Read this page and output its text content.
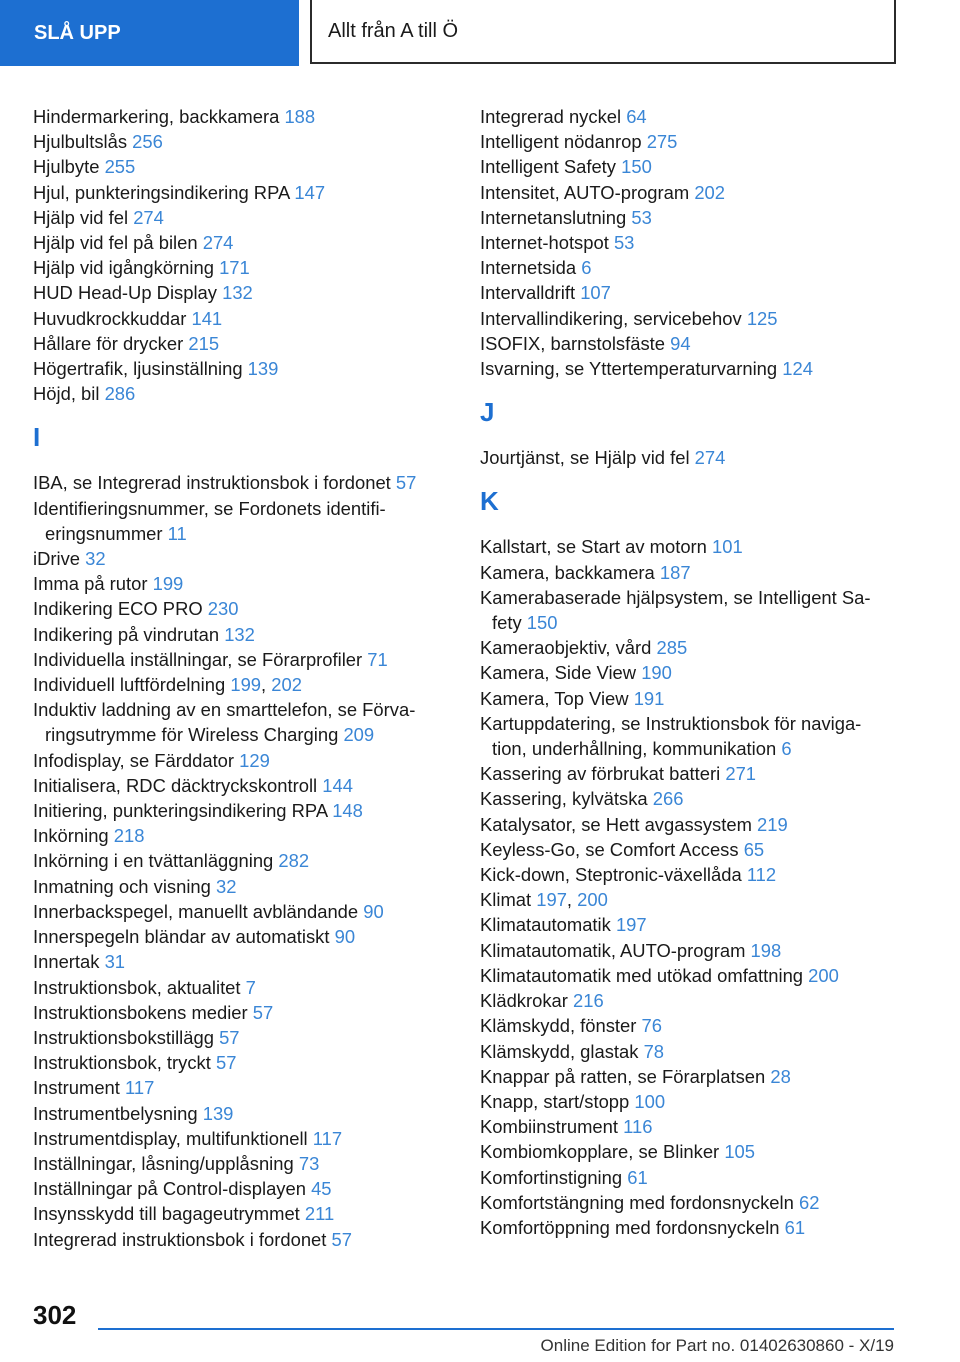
SLÅ UPP	Allt från A till Ö
Hindermarkering, backkamera 188
Hjulbultslås 256
Hjulbyte 255
Hjul, punkteringsindikering RPA 147
Hjälp vid fel 274
Hjälp vid fel på bilen 274
Hjälp vid igångkörning 171
HUD Head-Up Display 132
Huvudkrockkuddar 141
Hållare för drycker 215
Högertrafik, ljusinställning 139
Höjd, bil 286
I
IBA, se Integrerad instruktionsbok i fordonet 57
Identifieringsnummer, se Fordonets identifi-
eringsnummer 11
iDrive 32
Imma på rutor 199
Indikering ECO PRO 230
Indikering på vindrutan 132
Individuella inställningar, se Förarprofiler 71
Individuell luftfördelning 199, 202
Induktiv laddning av en smarttelefon, se Förva-
ringsutrymme för Wireless Charging 209
Infodisplay, se Färddator 129
Initialisera, RDC däcktryckskontroll 144
Initiering, punkteringsindikering RPA 148
Inkörning 218
Inkörning i en tvättanläggning 282
Inmatning och visning 32
Innerbackspegel, manuellt avbländande 90
Innerspegeln bländar av automatiskt 90
Innertak 31
Instruktionsbok, aktualitet 7
Instruktionsbokens medier 57
Instruktionsbokstillägg 57
Instruktionsbok, tryckt 57
Instrument 117
Instrumentbelysning 139
Instrumentdisplay, multifunktionell 117
Inställningar, låsning/upplåsning 73
Inställningar på Control-displayen 45
Insynsskydd till bagageutrymmet 211
Integrerad instruktionsbok i fordonet 57
Integrerad nyckel 64
Intelligent nödanrop 275
Intelligent Safety 150
Intensitet, AUTO-program 202
Internetanslutning 53
Internet-hotspot 53
Internetsida 6
Intervalldrift 107
Intervallindikering, servicebehov 125
ISOFIX, barnstolsfäste 94
Isvarning, se Yttertemperaturvarning 124
J
Jourtjänst, se Hjälp vid fel 274
K
Kallstart, se Start av motorn 101
Kamera, backkamera 187
Kamerabaserade hjälpsystem, se Intelligent Sa-
fety 150
Kameraobjektiv, vård 285
Kamera, Side View 190
Kamera, Top View 191
Kartuppdatering, se Instruktionsbok för naviga-
tion, underhållning, kommunikation 6
Kassering av förbrukat batteri 271
Kassering, kylvätska 266
Katalysator, se Hett avgassystem 219
Keyless-Go, se Comfort Access 65
Kick-down, Steptronic-växellåda 112
Klimat 197, 200
Klimatautomatik 197
Klimatautomatik, AUTO-program 198
Klimatautomatik med utökad omfattning 200
Klädkrokar 216
Klämskydd, fönster 76
Klämskydd, glastak 78
Knappar på ratten, se Förarplatsen 28
Knapp, start/stopp 100
Kombiinstrument 116
Kombiomkopplare, se Blinker 105
Komfortinstigning 61
Komfortstängning med fordonsnyckeln 62
Komfortöppning med fordonsnyckeln 61
302
Online Edition for Part no. 01402630860 - X/19
